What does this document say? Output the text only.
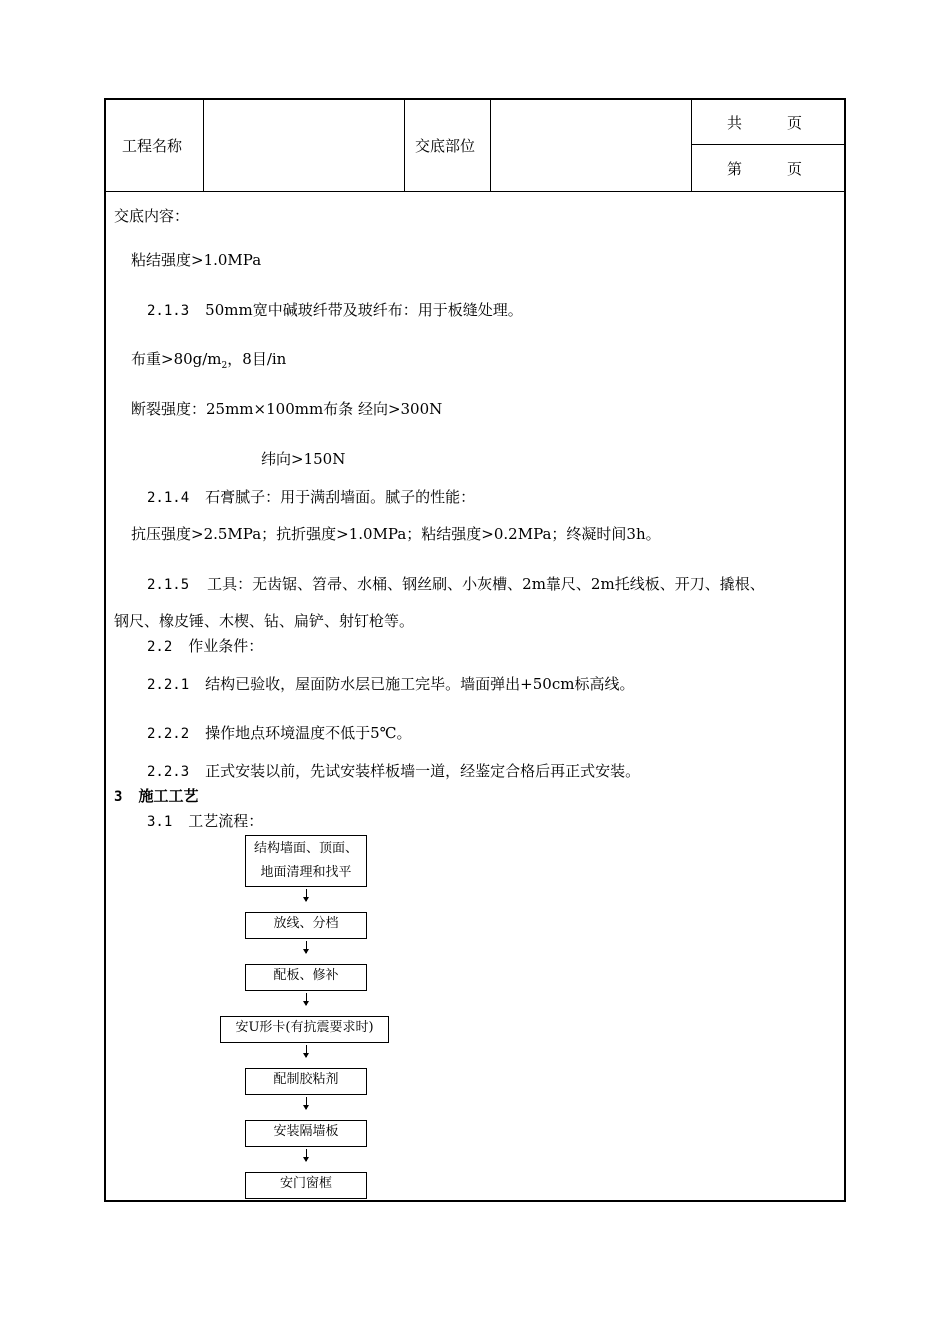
工程名称	交底部位
共　　　页
第　　　页
交底内容：
粘结强度>1.0MPa
2.1.3 50mm宽中碱玻纤带及玻纤布：用于板缝处理。
布重$>80g/m_2$，8目/in
断裂强度：25mm×100mm布条 经向>300N
纬向>150N
2.1.4 石膏腻子：用于满刮墙面。腻子的性能：
抗压强度>2.5MPa；抗折强度>1.0MPa；粘结强度>0.2MPa；终凝时间3h。
2.1.5 工具：无齿锯、笤帚、水桶、钢丝刷、小灰槽、2m靠尺、2m托线板、开刀、撬根、
钢尺、橡皮锤、木楔、钻、扁铲、射钉枪等。
2.2 作业条件：
2.2.1 结构已验收，屋面防水层已施工完毕。墙面弹出+50cm标高线。
2.2.2 操作地点环境温度不低于5℃。
2.2.3 正式安装以前，先试安装样板墙一道，经鉴定合格后再正式安装。
3 施工工艺
3.1 工艺流程：
结构墙面、顶面、
地面清理和找平
放线、分档
配板、修补
安U形卡(有抗震要求时)
配制胶粘剂
安装隔墙板
安门窗框
